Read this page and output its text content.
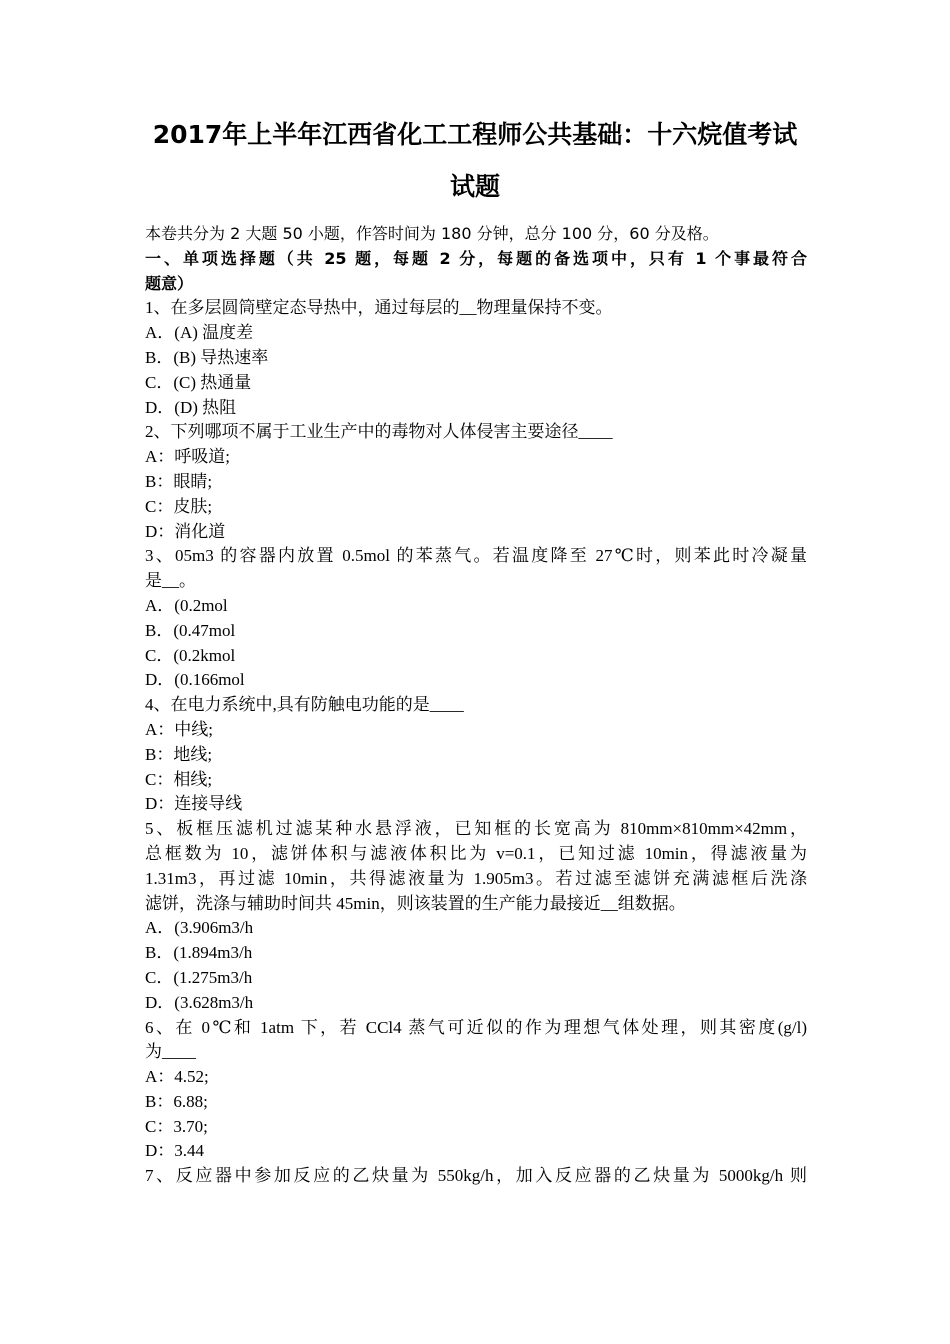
2017年上半年江西省化工工程师公共基础：十六烷值考试
试题
本卷共分为 2 大题 50 小题，作答时间为 180 分钟，总分 100 分，60 分及格。
一、单项选择题（共 25 题，每题 2 分，每题的备选项中，只有 1 个事最符合
题意）
1、在多层圆筒壁定态导热中，通过每层的__物理量保持不变。
A．(A) 温度差
B．(B) 导热速率
C．(C) 热通量
D．(D) 热阻
2、下列哪项不属于工业生产中的毒物对人体侵害主要途径____
A：呼吸道;
B：眼睛;
C：皮肤;
D：消化道
3、05m3 的容器内放置 0.5mol 的苯蒸气。若温度降至 27℃时，则苯此时冷凝量
是__。
A．(0.2mol
B．(0.47mol
C．(0.2kmol
D．(0.166mol
4、在电力系统中,具有防触电功能的是____
A：中线;
B：地线;
C：相线;
D：连接导线
5、板框压滤机过滤某种水悬浮液，已知框的长宽高为 810mm×810mm×42mm，
总框数为 10，滤饼体积与滤液体积比为 v=0.1，已知过滤 10min，得滤液量为
1.31m3，再过滤 10min，共得滤液量为 1.905m3。若过滤至滤饼充满滤框后洗涤
滤饼，洗涤与辅助时间共 45min，则该装置的生产能力最接近__组数据。
A．(3.906m3/h
B．(1.894m3/h
C．(1.275m3/h
D．(3.628m3/h
6、在 0℃和 1atm 下，若 CCl4 蒸气可近似的作为理想气体处理，则其密度(g/l)
为____
A：4.52;
B：6.88;
C：3.70;
D：3.44
7、反应器中参加反应的乙炔量为 550kg/h，加入反应器的乙炔量为 5000kg/h 则
